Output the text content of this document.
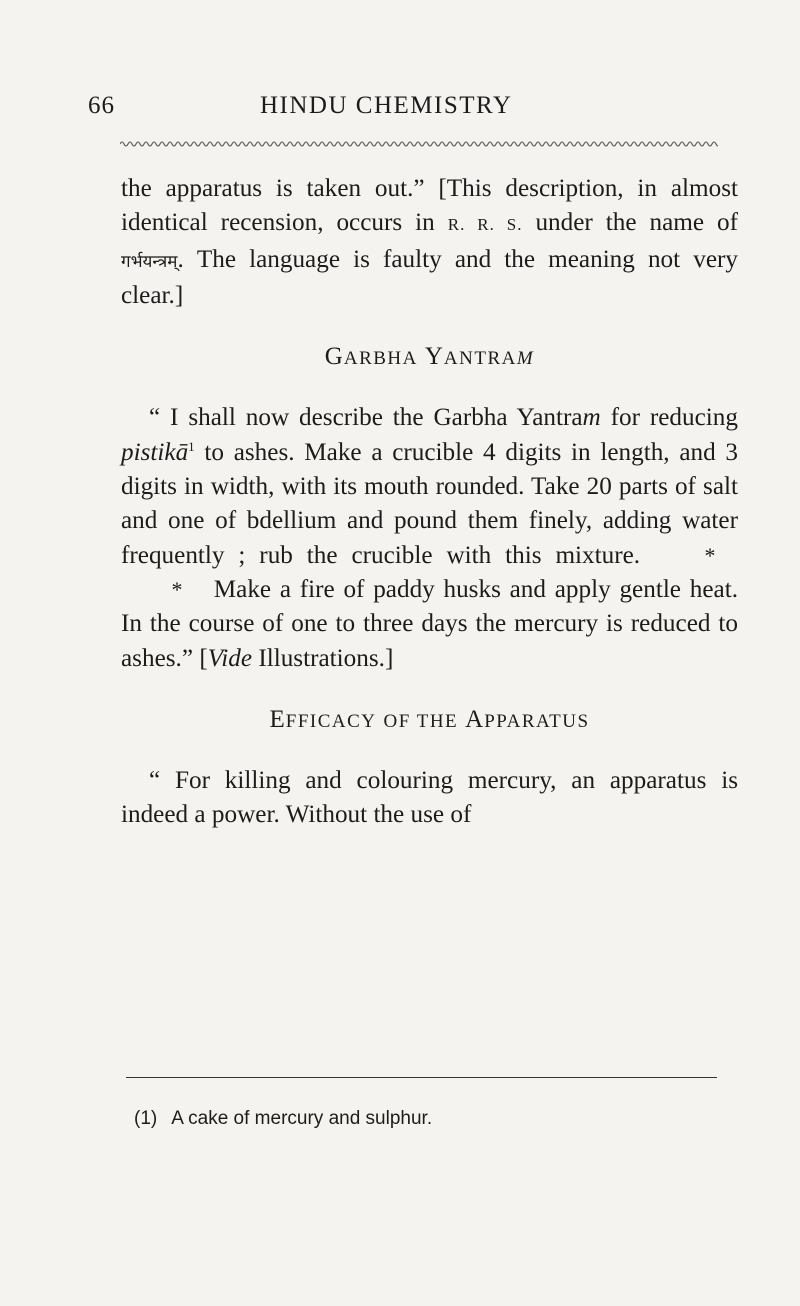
66	HINDU CHEMISTRY

the apparatus is taken out.” [This description, in almost identical recension, occurs in R. R. S. under the name of गर्भयन्त्रम्. The language is faulty and the meaning not very clear.]

GARBHA YANTRAM

“ I shall now describe the Garbha Yantram for reducing pistikā$^1$ to ashes. Make a crucible 4 digits in length, and 3 digits in width, with its mouth rounded. Take 20 parts of salt and one of bdellium and pound them finely, adding water frequently ; rub the crucible with this mixture.	** Make a fire of paddy husks and apply gentle heat. In the course of one to three days the mercury is reduced to ashes.” [Vide Illustrations.]

EFFICACY OF THE APPARATUS

“ For killing and colouring mercury, an apparatus is indeed a power. Without the use of

(1) A cake of mercury and sulphur.
